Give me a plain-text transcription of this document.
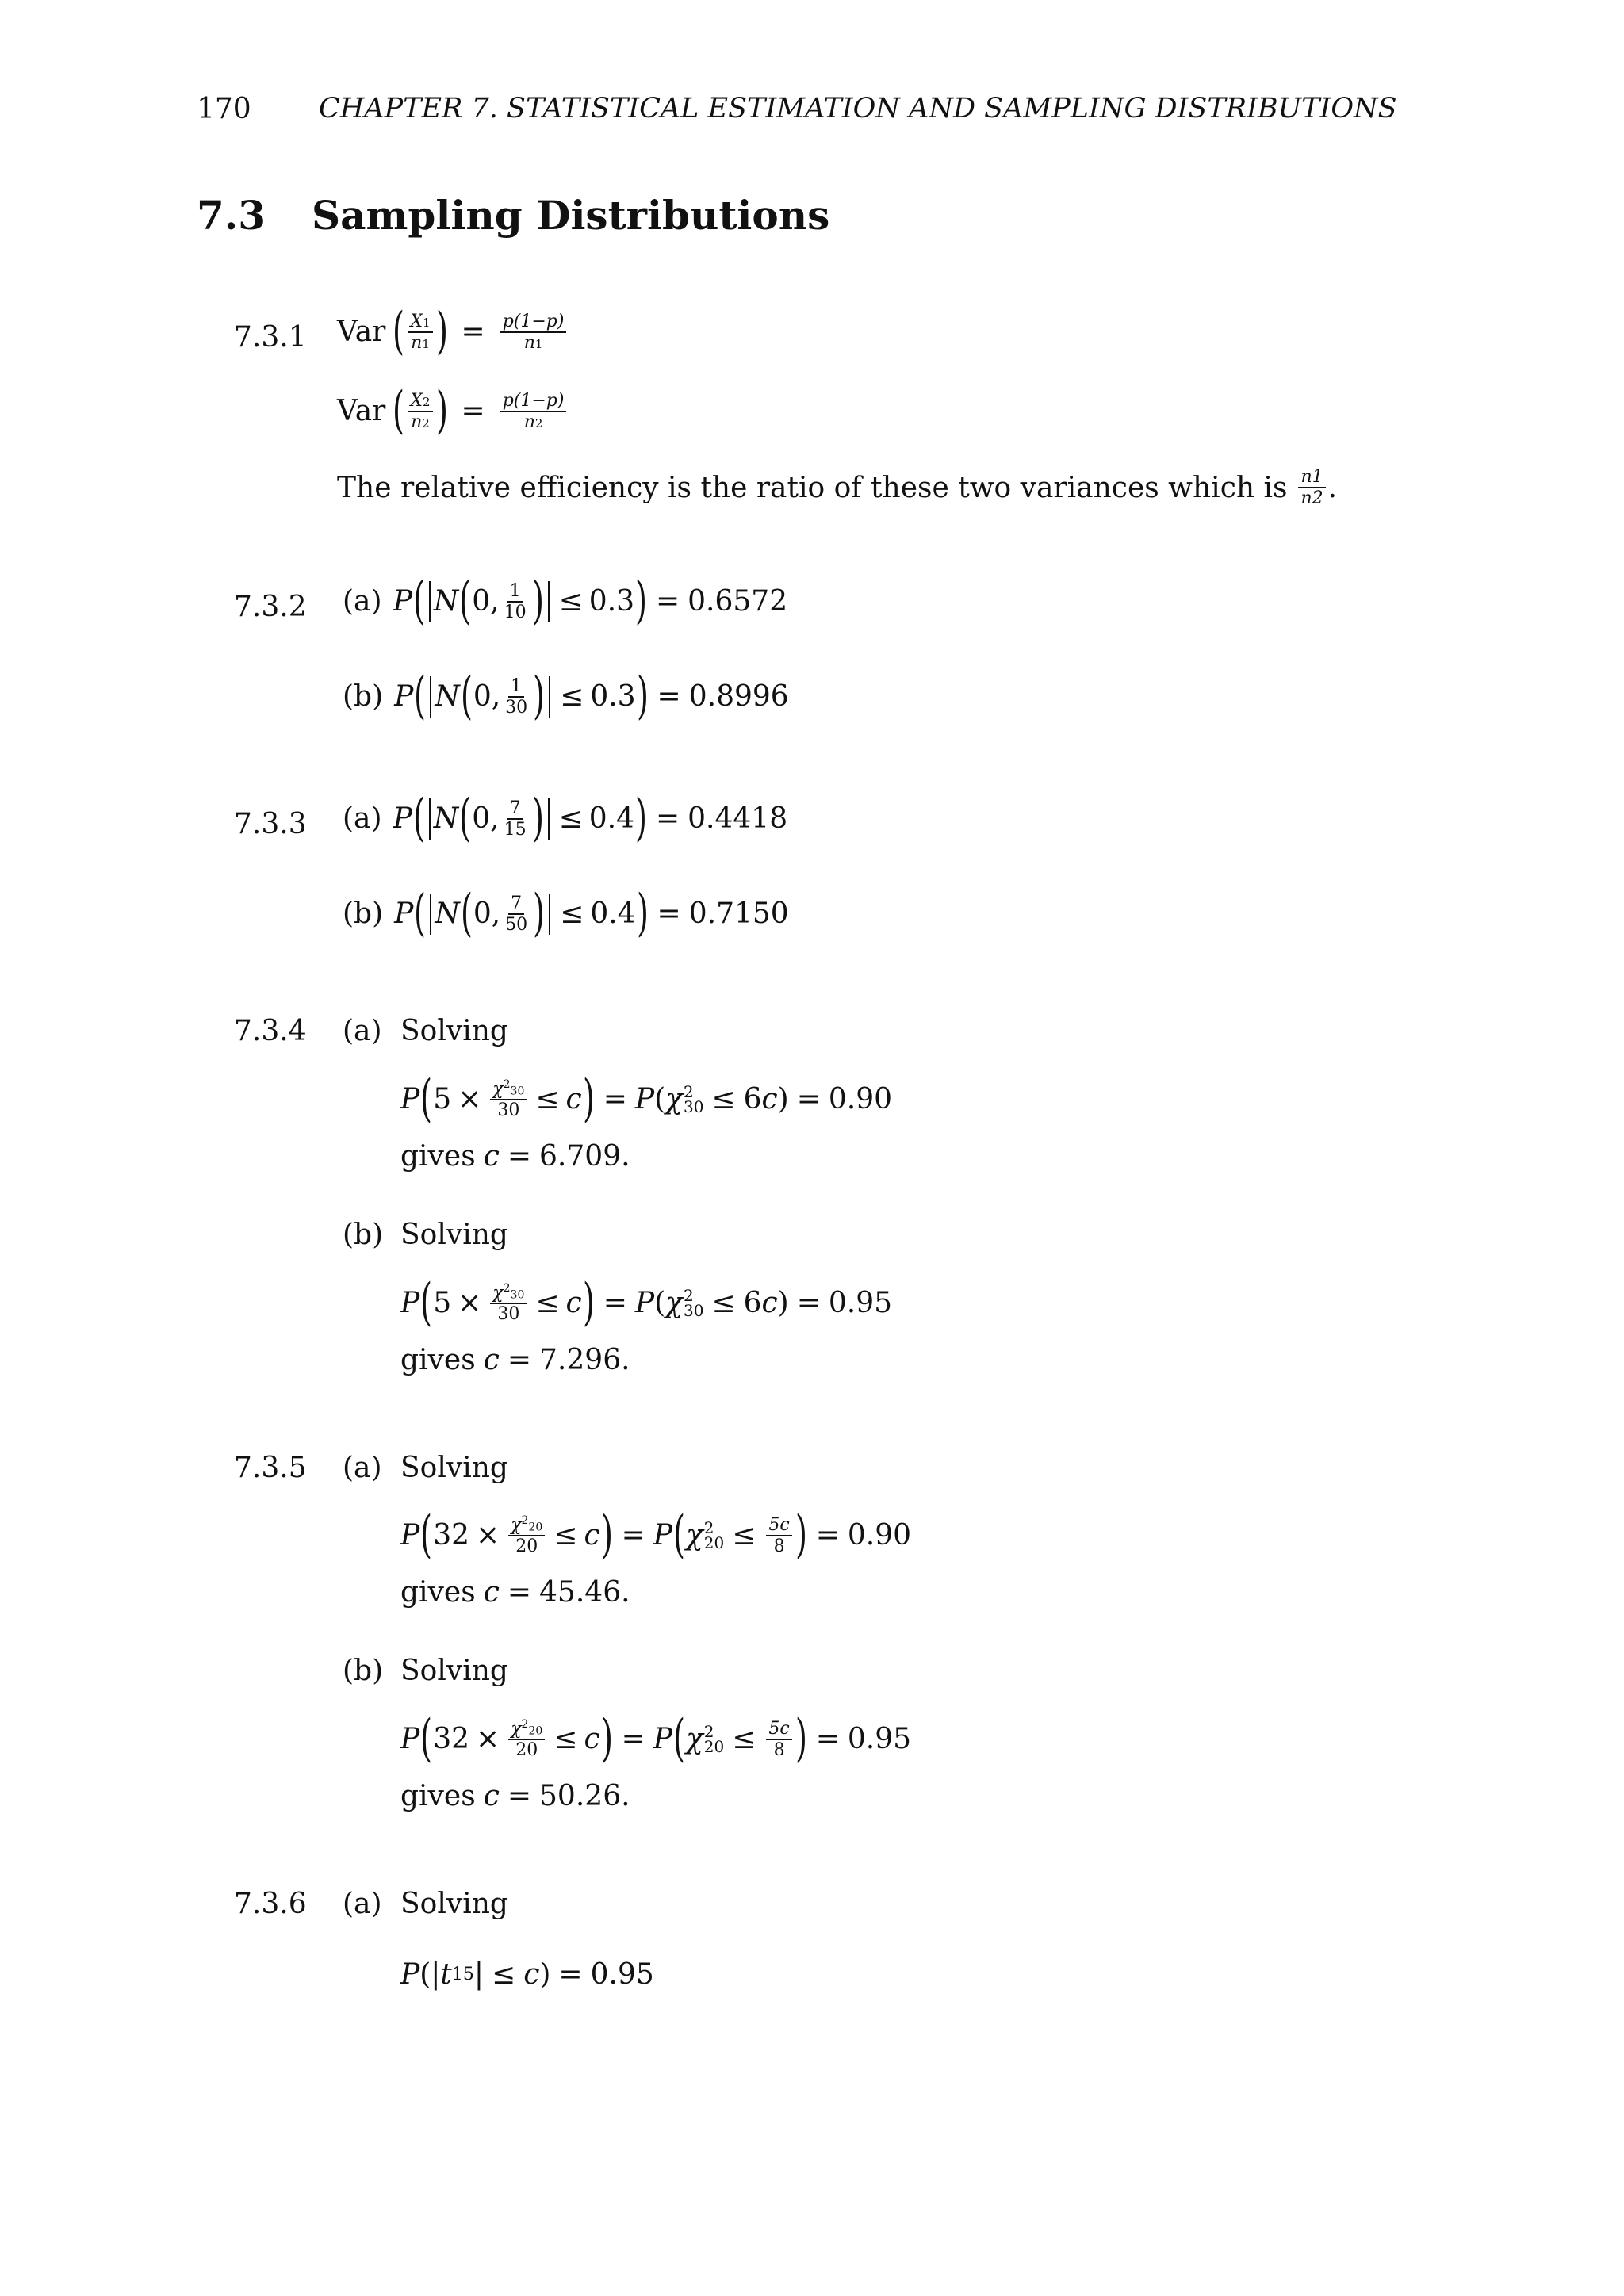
170 CHAPTER 7. STATISTICAL ESTIMATION AND SAMPLING DISTRIBUTIONS
7.3 Sampling Distributions
7.3.1 Var ( $\frac{X1}{n1}$ ) = $\frac{p(1-p)}{n1}$
Var ( $\frac{X2}{n2}$ ) = $\frac{p(1-p)}{n2}$
The relative efficiency is the ratio of these two variances which is $\frac{n1}{n2}$ .
7.3.2 (a) P ( N ( 0, $\frac{1}{10}$ ) ≤ 0.3 ) = 0.6572
(b) P ( N ( 0, $\frac{1}{30}$ ) ≤ 0.3 ) = 0.8996
7.3.3 (a) P ( N ( 0, $\frac{7}{15}$ ) ≤ 0.4 ) = 0.4418
(b) P ( N ( 0, $\frac{7}{50}$ ) ≤ 0.4 ) = 0.7150
7.3.4 (a) Solving
P ( $5 \times \frac{\chi^230}{30} \le c$ ) = P ( χ 2
30 ≤ 6 c ) = 0.90
gives c = 6.709 .
(b) Solving
P ( $5 \times \frac{\chi^230}{30} \le c$ ) = P ( χ 2
30 ≤ 6 c ) = 0.95
gives c = 7.296 .
7.3.5 (a) Solving
P ( $32 \times \frac{\chi^220}{20} \le c$ ) = P ( χ 2
$20 \le \frac{5c}{8}$ ) = 0.90
gives c = 45.46 .
(b) Solving
P ( $32 \times \frac{\chi^220}{20} \le c$ ) = P ( χ 2
$20 \le \frac{5c}{8}$ ) = 0.95
gives c = 50.26 .
7.3.6 (a) Solving
P (| t 15 | ≤ c ) = 0.95
